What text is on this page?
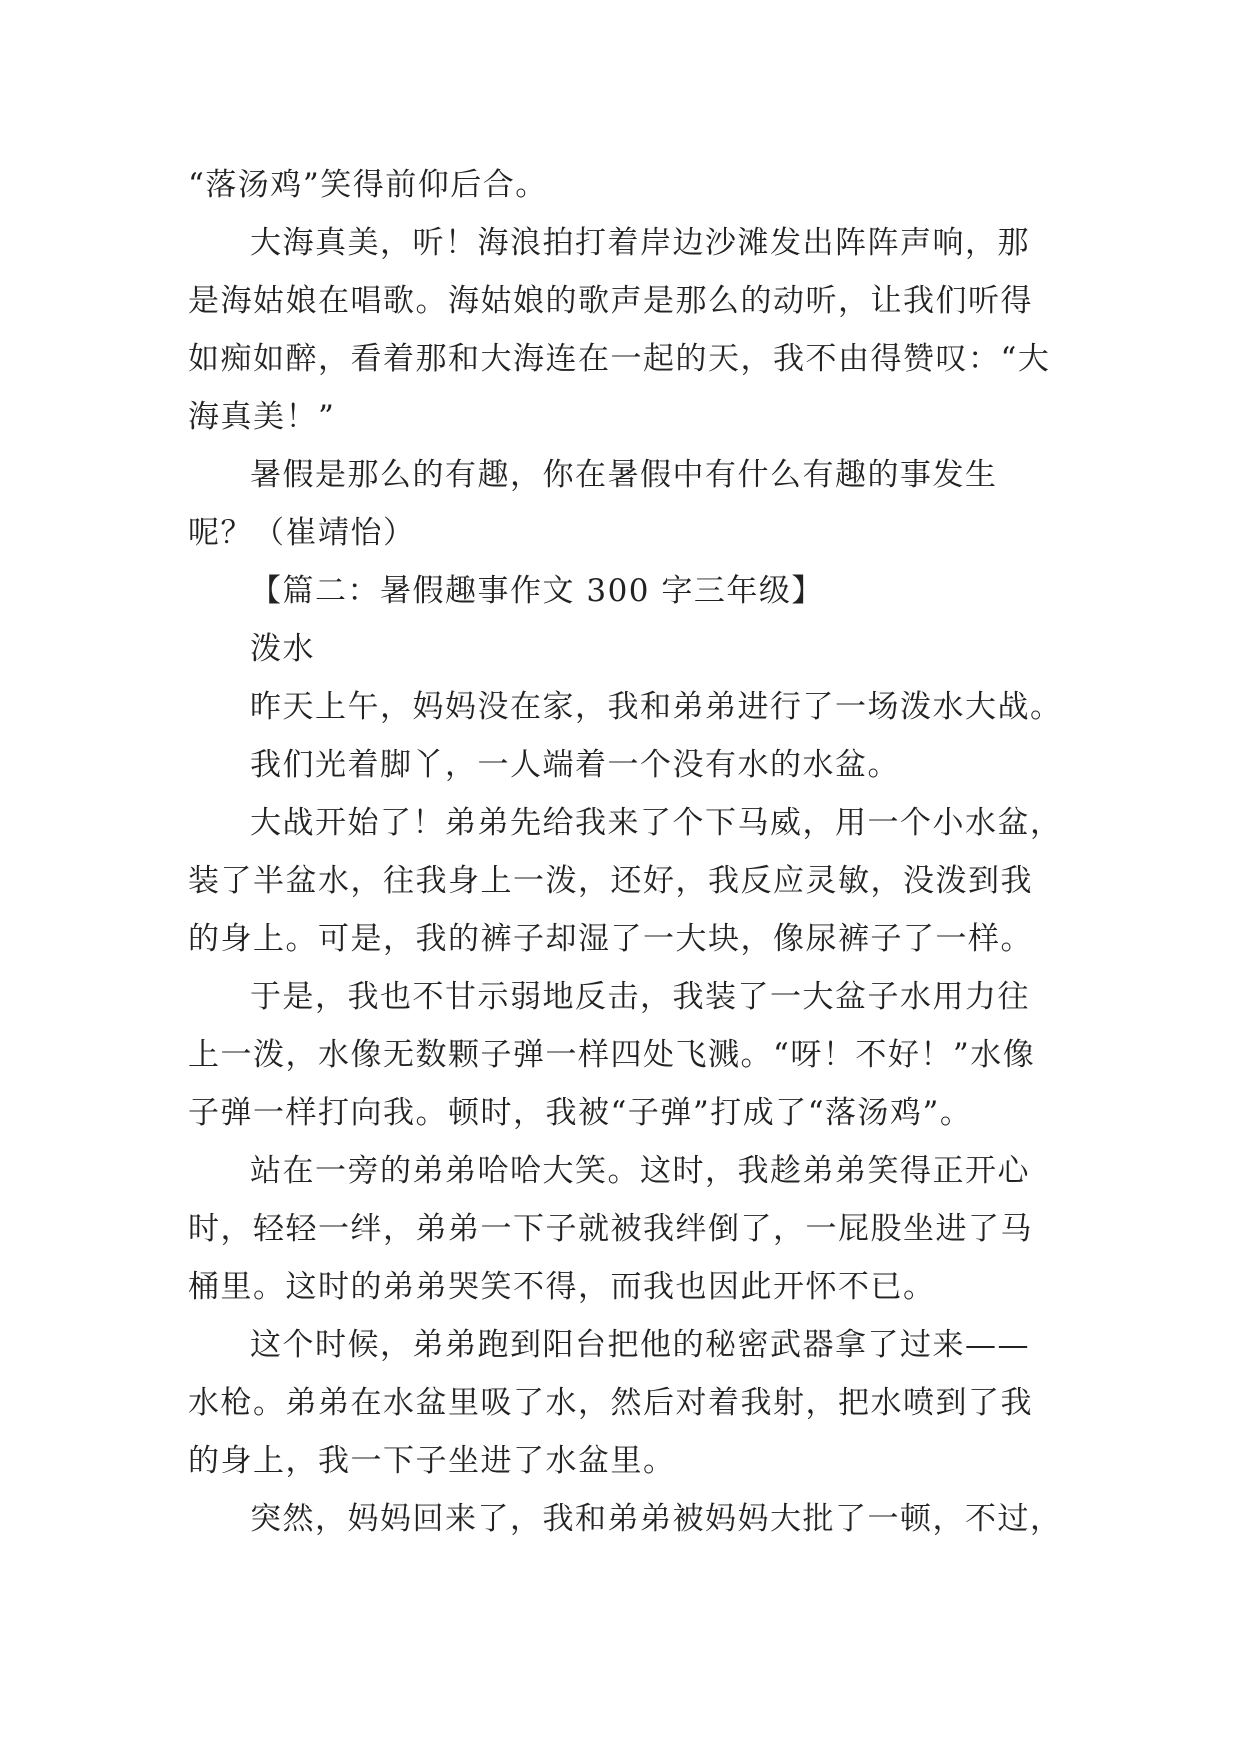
“落汤鸡”笑得前仰后合。
大海真美，听！海浪拍打着岸边沙滩发出阵阵声响，那
是海姑娘在唱歌。海姑娘的歌声是那么的动听，让我们听得
如痴如醉，看着那和大海连在一起的天，我不由得赞叹：“大
海真美！”
暑假是那么的有趣，你在暑假中有什么有趣的事发生
呢？（崔靖怡）
【篇二：暑假趣事作文 300 字三年级】
泼水
昨天上午，妈妈没在家，我和弟弟进行了一场泼水大战。
我们光着脚丫，一人端着一个没有水的水盆。
大战开始了！弟弟先给我来了个下马威，用一个小水盆，
装了半盆水，往我身上一泼，还好，我反应灵敏，没泼到我
的身上。可是，我的裤子却湿了一大块，像尿裤子了一样。
于是，我也不甘示弱地反击，我装了一大盆子水用力往
上一泼，水像无数颗子弹一样四处飞溅。“呀！不好！”水像
子弹一样打向我。顿时，我被“子弹”打成了“落汤鸡”。
站在一旁的弟弟哈哈大笑。这时，我趁弟弟笑得正开心
时，轻轻一绊，弟弟一下子就被我绊倒了，一屁股坐进了马
桶里。这时的弟弟哭笑不得，而我也因此开怀不已。
这个时候，弟弟跑到阳台把他的秘密武器拿了过来——
水枪。弟弟在水盆里吸了水，然后对着我射，把水喷到了我
的身上，我一下子坐进了水盆里。
突然，妈妈回来了，我和弟弟被妈妈大批了一顿，不过，
